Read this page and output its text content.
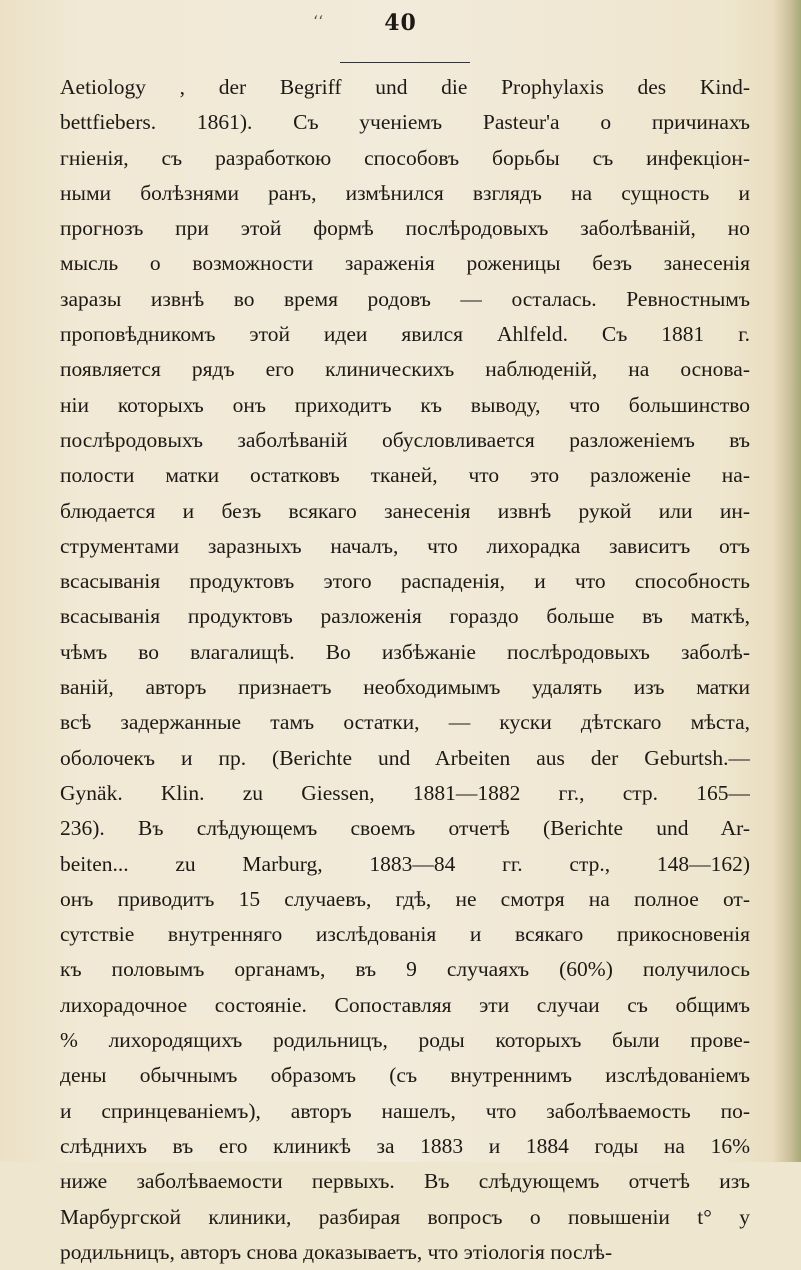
‘‘	40
Aetiology , der Begriff und die Prophylaxis des Kind-
bettfiebers. 1861). Съ ученіемъ Pasteur'a о причинахъ
гніенія, съ разработкою способовъ борьбы съ инфекціон-
ными болѣзнями ранъ, измѣнился взглядъ на сущность и
прогнозъ при этой формѣ послѣродовыхъ заболѣваній, но
мысль о возможности зараженія роженицы безъ занесенія
заразы извнѣ во время родовъ — осталась. Ревностнымъ
проповѣдникомъ этой идеи явился Ahlfeld. Съ 1881 г.
появляется рядъ его клиническихъ наблюденій, на основа-
ніи которыхъ онъ приходитъ къ выводу, что большинство
послѣродовыхъ заболѣваній обусловливается разложеніемъ въ
полости матки остатковъ тканей, что это разложеніе на-
блюдается и безъ всякаго занесенія извнѣ рукой или ин-
струментами заразныхъ началъ, что лихорадка зависитъ отъ
всасыванія продуктовъ этого распаденія, и что способность
всасыванія продуктовъ разложенія гораздо больше въ маткѣ,
чѣмъ во влагалищѣ. Во избѣжаніе послѣродовыхъ заболѣ-
ваній, авторъ признаетъ необходимымъ удалять изъ матки
всѣ задержанные тамъ остатки, — куски дѣтскаго мѣста,
оболочекъ и пр. (Berichte und Arbeiten aus der Geburtsh.—
Gynäk. Klin. zu Giessen, 1881—1882 гг., стр. 165—
236). Въ слѣдующемъ своемъ отчетѣ (Berichte und Ar-
beiten... zu Marburg, 1883—84 гг. стр., 148—162)
онъ приводитъ 15 случаевъ, гдѣ, не смотря на полное от-
сутствіе внутренняго изслѣдованія и всякаго прикосновенія
къ половымъ органамъ, въ 9 случаяхъ (60%) получилось
лихорадочное состояніе. Сопоставляя эти случаи съ общимъ
% лихородящихъ родильницъ, роды которыхъ были прове-
дены обычнымъ образомъ (съ внутреннимъ изслѣдованіемъ
и спринцеваніемъ), авторъ нашелъ, что заболѣваемость по-
слѣднихъ въ его клиникѣ за 1883 и 1884 годы на 16%
ниже заболѣваемости первыхъ. Въ слѣдующемъ отчетѣ изъ
Марбургской клиники, разбирая вопросъ о повышеніи t° у
родильницъ, авторъ снова доказываетъ, что этіологія послѣ-
